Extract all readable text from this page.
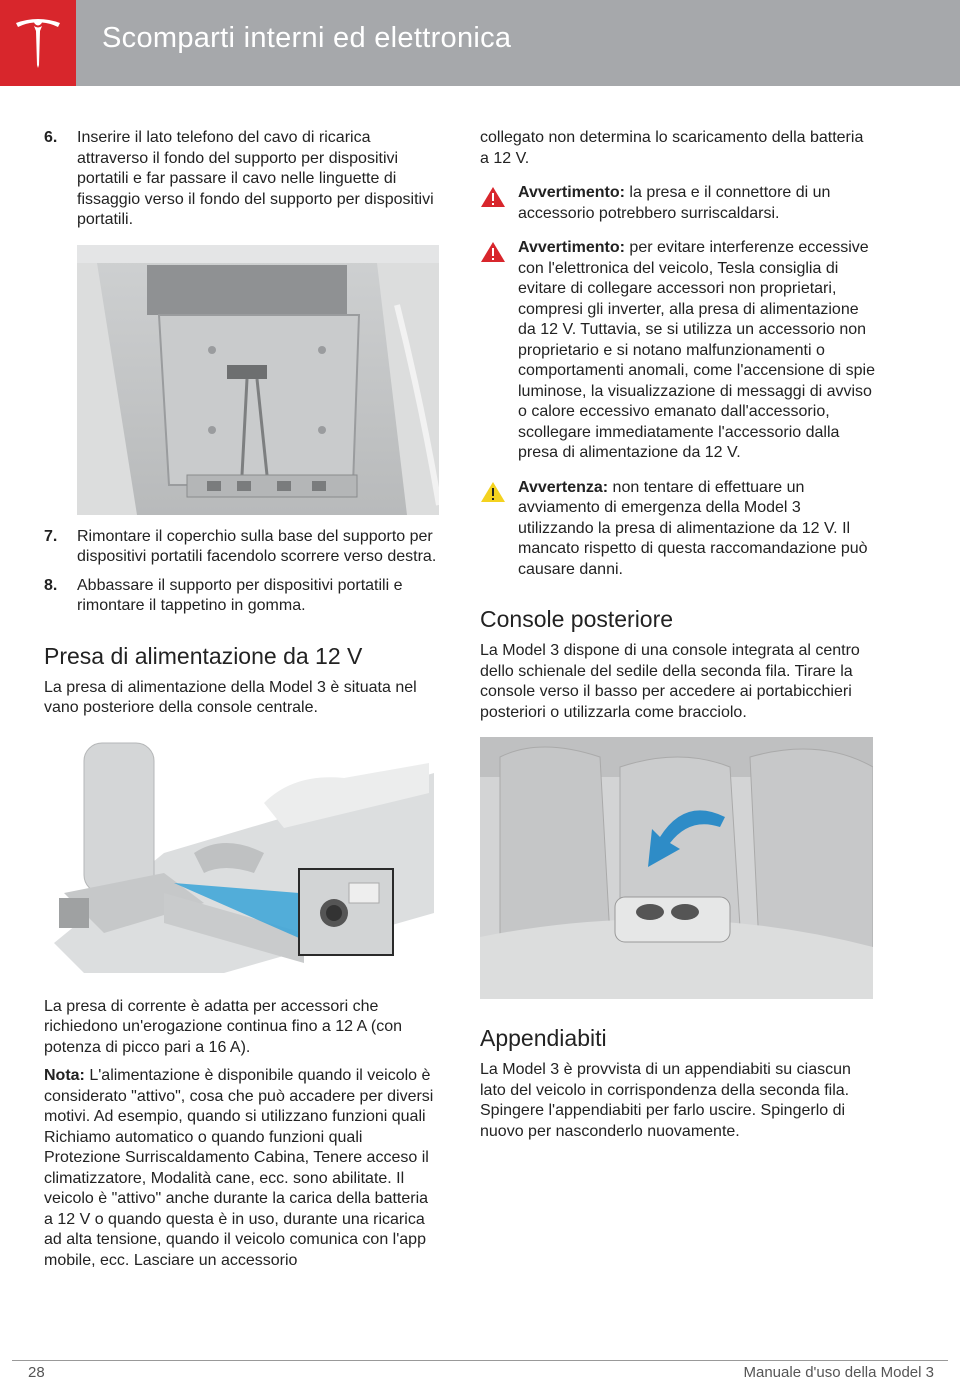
Scomparti interni ed elettronica
6. Inserire il lato telefono del cavo di ricarica attraverso il fondo del supporto per dispositivi portatili e far passare il cavo nelle linguette di fissaggio verso il fondo del supporto per dispositivi portatili.
7. Rimontare il coperchio sulla base del supporto per dispositivi portatili facendolo scorrere verso destra.
8. Abbassare il supporto per dispositivi portatili e rimontare il tappetino in gomma.
Presa di alimentazione da 12 V

La presa di alimentazione della Model 3 è situata nel vano posteriore della console centrale.

La presa di corrente è adatta per accessori che richiedono un'erogazione continua fino a 12 A (con potenza di picco pari a 16 A).

Nota: L'alimentazione è disponibile quando il veicolo è considerato "attivo", cosa che può accadere per diversi motivi. Ad esempio, quando si utilizzano funzioni quali Richiamo automatico o quando funzioni quali Protezione Surriscaldamento Cabina, Tenere acceso il climatizzatore, Modalità cane, ecc. sono abilitate. Il veicolo è "attivo" anche durante la carica della batteria a 12 V o quando questa è in uso, durante una ricarica ad alta tensione, quando il veicolo comunica con l'app mobile, ecc. Lasciare un accessorio

collegato non determina lo scaricamento della batteria a 12 V.

Avvertimento: la presa e il connettore di un accessorio potrebbero surriscaldarsi.
Avvertimento: per evitare interferenze eccessive con l'elettronica del veicolo, Tesla consiglia di evitare di collegare accessori non proprietari, compresi gli inverter, alla presa di alimentazione da 12 V. Tuttavia, se si utilizza un accessorio non proprietario e si notano malfunzionamenti o comportamenti anomali, come l'accensione di spie luminose, la visualizzazione di messaggi di avviso o calore eccessivo emanato dall'accessorio, scollegare immediatamente l'accessorio dalla presa di alimentazione da 12 V.
Avvertenza: non tentare di effettuare un avviamento di emergenza della Model 3 utilizzando la presa di alimentazione da 12 V. Il mancato rispetto di questa raccomandazione può causare danni.
Console posteriore

La Model 3 dispone di una console integrata al centro dello schienale del sedile della seconda fila. Tirare la console verso il basso per accedere ai portabicchieri posteriori o utilizzarla come bracciolo.

Appendiabiti

La Model 3 è provvista di un appendiabiti su ciascun lato del veicolo in corrispondenza della seconda fila. Spingere l'appendiabiti per farlo uscire. Spingerlo di nuovo per nasconderlo nuovamente.

28	Manuale d'uso della Model 3
